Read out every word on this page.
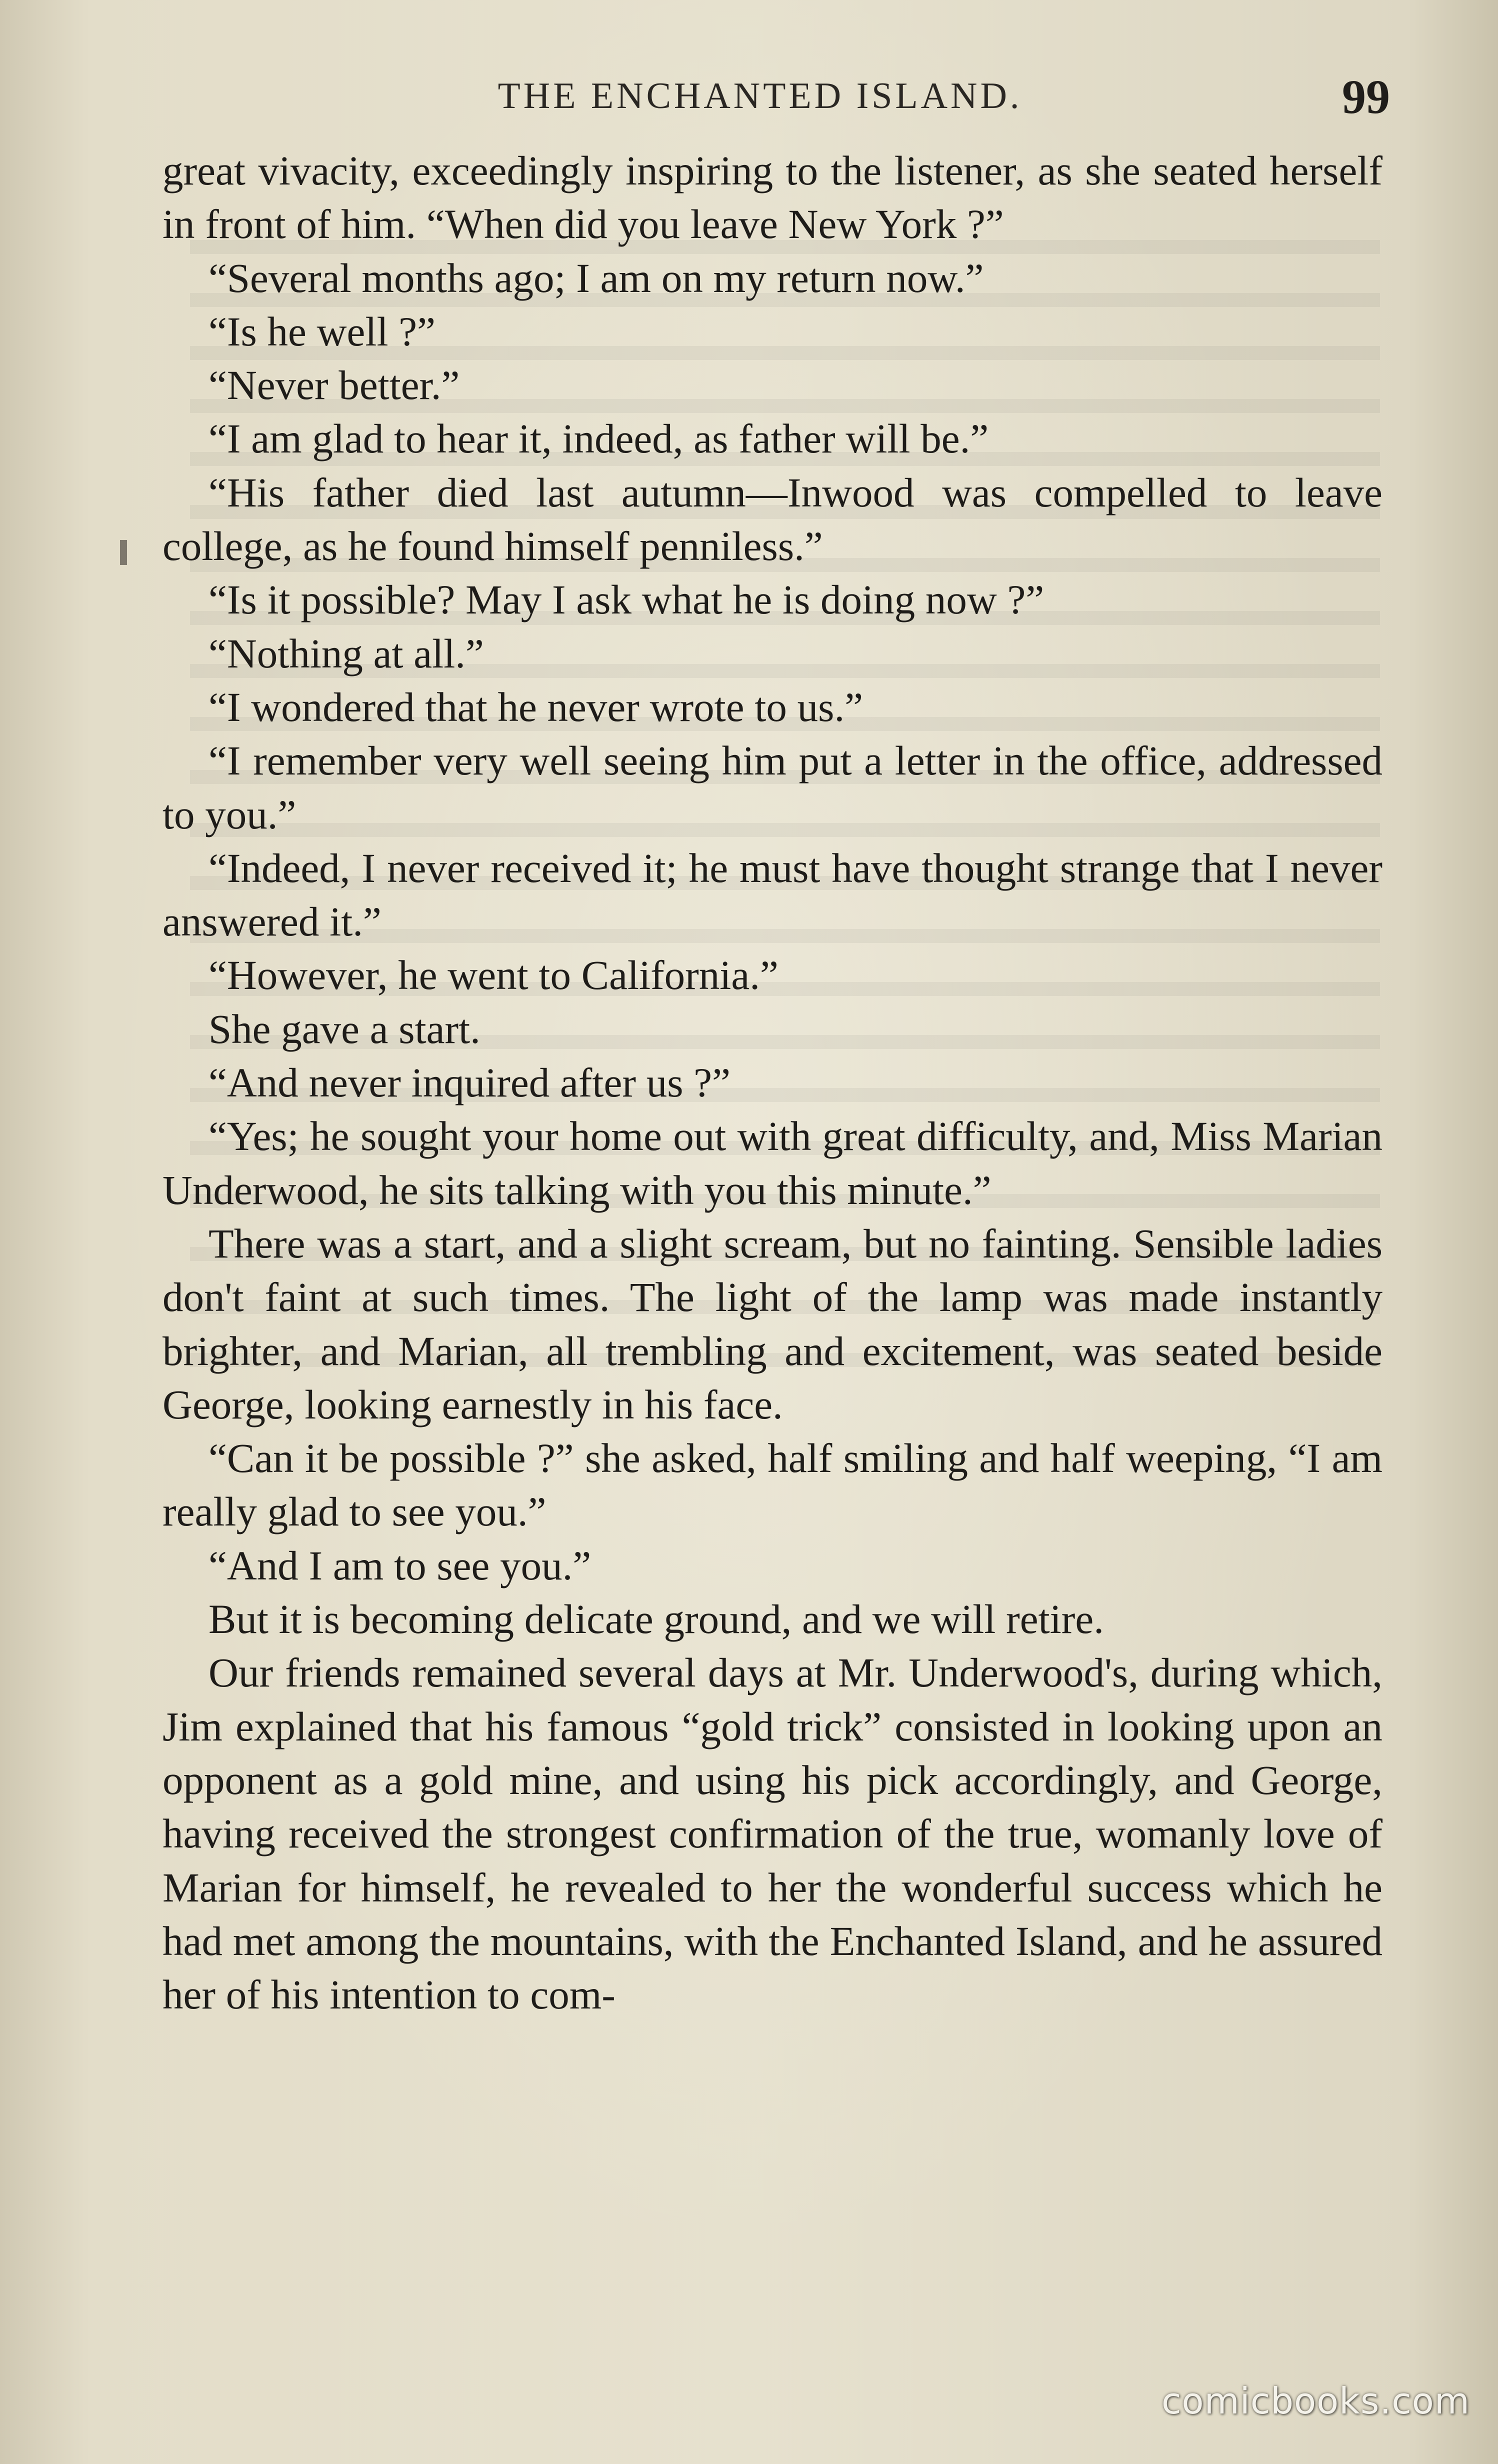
THE ENCHANTED ISLAND.	99

great vivacity, exceedingly inspiring to the listener, as she seated herself in front of him. “When did you leave New York ?”

“Several months ago; I am on my return now.”

“Is he well ?”

“Never better.”

“I am glad to hear it, indeed, as father will be.”

“His father died last autumn—Inwood was compelled to leave college, as he found himself penniless.”

“Is it possible? May I ask what he is doing now ?”

“Nothing at all.”

“I wondered that he never wrote to us.”

“I remember very well seeing him put a letter in the office, addressed to you.”

“Indeed, I never received it; he must have thought strange that I never answered it.”

“However, he went to California.”

She gave a start.

“And never inquired after us ?”

“Yes; he sought your home out with great difficulty, and, Miss Marian Underwood, he sits talking with you this minute.”

There was a start, and a slight scream, but no fainting. Sensible ladies don't faint at such times. The light of the lamp was made instantly brighter, and Marian, all trembling and excitement, was seated beside George, looking earnestly in his face.

“Can it be possible ?” she asked, half smiling and half weeping, “I am really glad to see you.”

“And I am to see you.”

But it is becoming delicate ground, and we will retire.

Our friends remained several days at Mr. Underwood's, during which, Jim explained that his famous “gold trick” consisted in looking upon an opponent as a gold mine, and using his pick accordingly, and George, having received the strongest confirmation of the true, womanly love of Marian for himself, he revealed to her the wonderful success which he had met among the mountains, with the Enchanted Island, and he assured her of his intention to com-

comicbooks.com
